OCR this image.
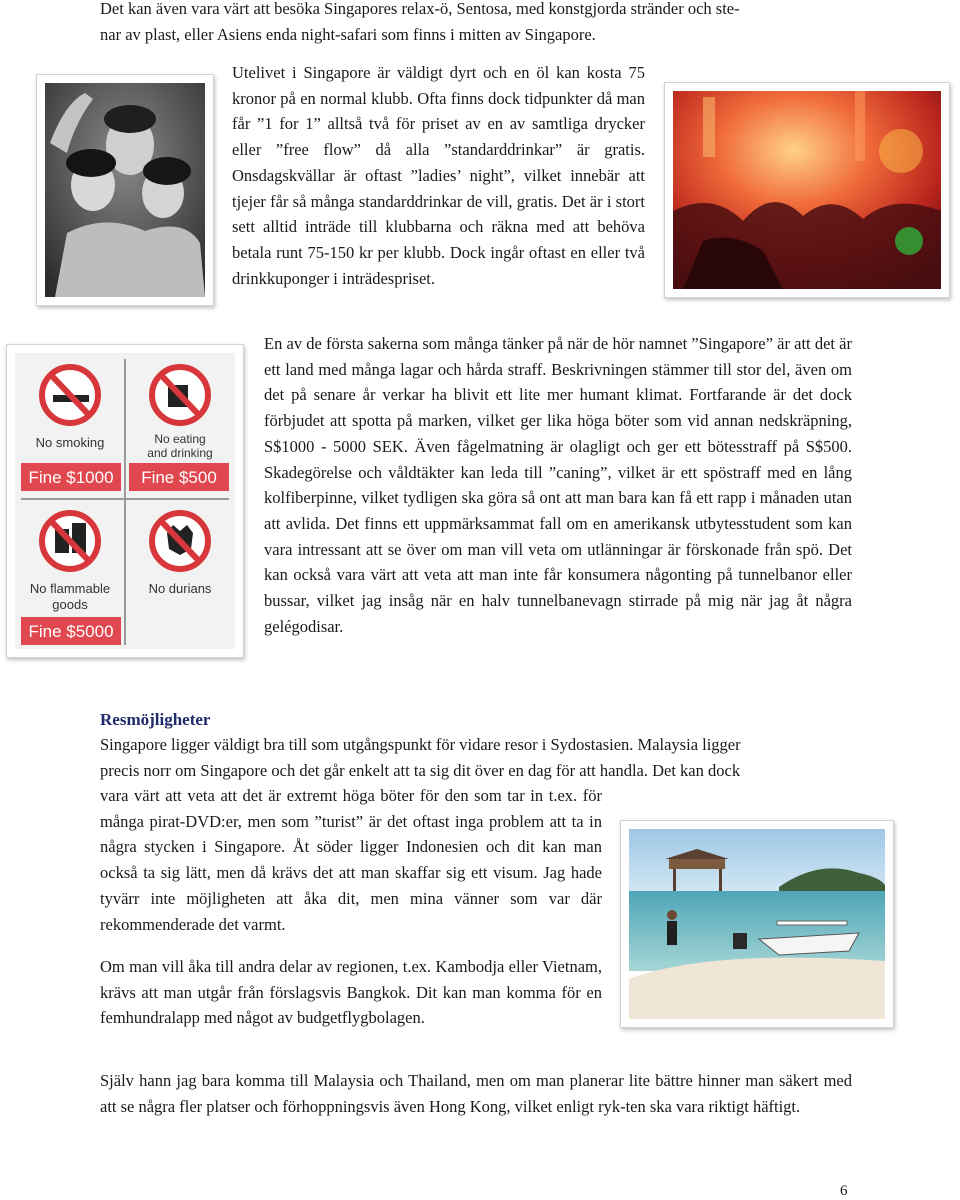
Det kan även vara värt att besöka Singapores relax-ö, Sentosa, med konstgjorda stränder och ste-

nar av plast, eller Asiens enda night-safari som finns i mitten av Singapore.

Utelivet i Singapore är väldigt dyrt och en öl kan kosta 75 kronor på en normal klubb. Ofta finns dock tidpunkter då man får ”1 for 1” alltså två för priset av en av samtliga drycker eller ”free flow” då alla ”standarddrinkar” är gratis. Onsdagskvällar är oftast ”ladies’ night”, vilket innebär att tjejer får så många standarddrinkar de vill, gratis. Det är i stort sett alltid inträde till klubbarna och räkna med att behöva betala runt 75-150 kr per klubb. Dock ingår oftast en eller två drinkkuponger i inträdespriset.

No smoking
Fine $1000
No eating
and drinking
Fine $500
No flammable
goods
Fine $5000
No durians

En av de första sakerna som många tänker på när de hör namnet ”Singapore” är att det är ett land med många lagar och hårda straff. Beskrivningen stämmer till stor del, även om det på senare år verkar ha blivit ett lite mer humant klimat. Fortfarande är det dock förbjudet att spotta på marken, vilket ger lika höga böter som vid annan nedskräpning, S$1000 - 5000 SEK. Även fågelmatning är olagligt och ger ett bötesstraff på S$500. Skadegörelse och våldtäkter kan leda till ”caning”, vilket är ett spöstraff med en lång kolfiberpinne, vilket tydligen ska göra så ont att man bara kan få ett rapp i månaden utan att avlida. Det finns ett uppmärksammat fall om en amerikansk utbytesstudent som kan vara intressant att se över om man vill veta om utlänningar är förskonade från spö. Det kan också vara värt att veta att man inte får konsumera någonting på tunnelbanor eller bussar, vilket jag insåg när en halv tunnelbanevagn stirrade på mig när jag åt några gelégodisar.

Resmöjligheter

Singapore ligger väldigt bra till som utgångspunkt för vidare resor i Sydostasien. Malaysia ligger

precis norr om Singapore och det går enkelt att ta sig dit över en dag för att handla. Det kan dock

vara värt att veta att det är extremt höga böter för den som tar in t.ex. för många pirat-DVD:er, men som ”turist” är det oftast inga problem att ta in några stycken i Singapore. Åt söder ligger Indonesien och dit kan man också ta sig lätt, men då krävs det att man skaffar sig ett visum. Jag hade tyvärr inte möjligheten att åka dit, men mina vänner som var där rekommenderade det varmt.

Om man vill åka till andra delar av regionen, t.ex. Kambodja eller Vietnam, krävs att man utgår från förslagsvis Bangkok. Dit kan man komma för en femhundralapp med något av budgetflygbolagen.

Själv hann jag bara komma till Malaysia och Thailand, men om man planerar lite bättre hinner man säkert med att se några fler platser och förhoppningsvis även Hong Kong, vilket enligt ryk-ten ska vara riktigt häftigt.

6
